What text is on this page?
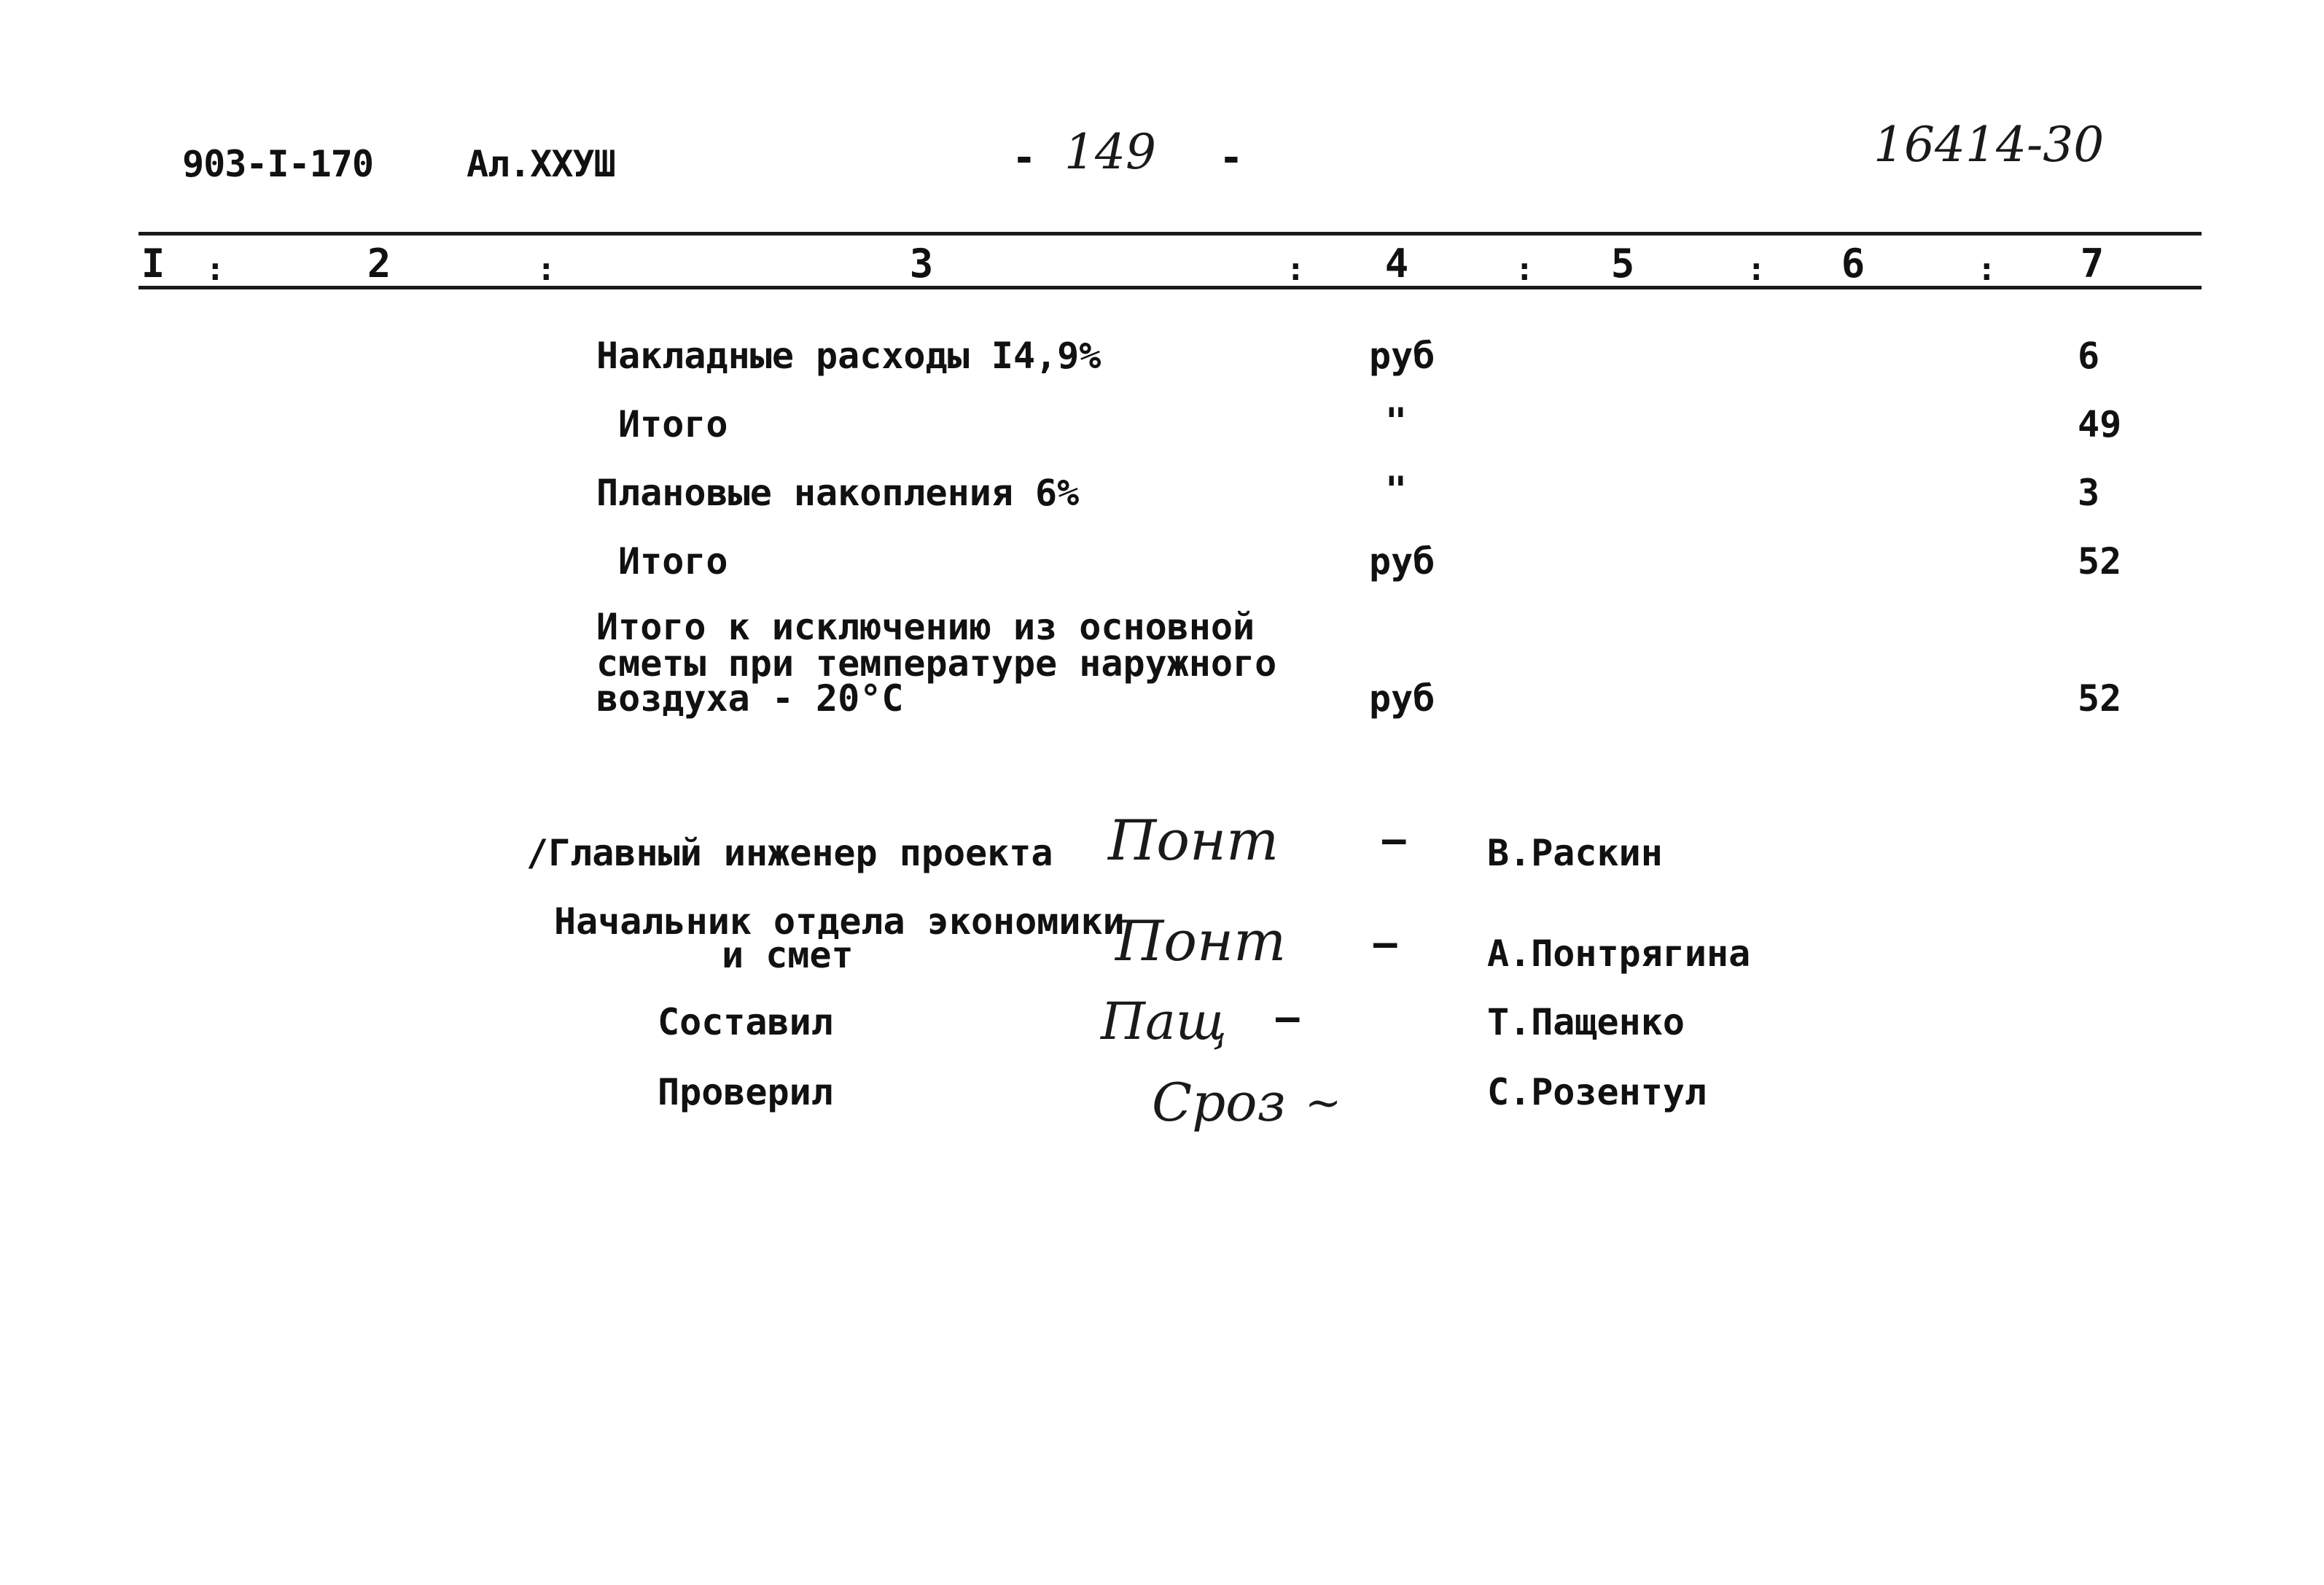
903-I-170	Ал.XXУШ	- 149 -	16414-30
I	:	2	:	3	: 4	: 5	: 6	: 7
Накладные расходы I4,9%	руб	6
Итого	"	49
Плановые накопления 6%	"	3
Итого	руб	52
Итого к исключению из основной
сметы при температуре наружного
воздуха - 20°С	руб	52
/Главный инженер проекта Понт	— В.Раскин
Начальник отдела экономики
и смет	Понт — А.Понтрягина
Составил	Пащ —	Т.Пащенко
Проверил	Сроз ~	С.Розентул
